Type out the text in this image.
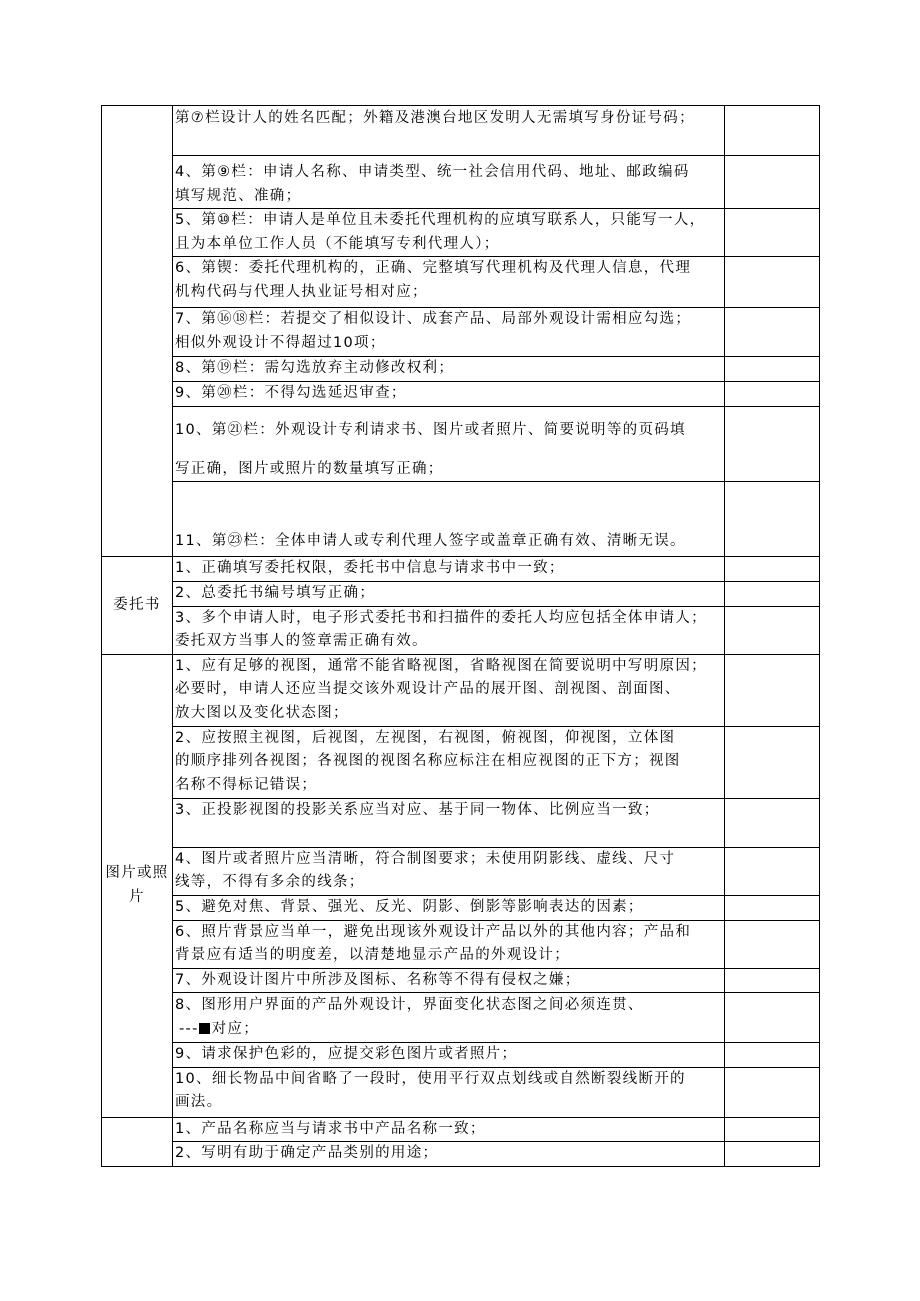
	第⑦栏设计人的姓名匹配；外籍及港澳台地区发明人无需填写身份证号码；	

	4、第⑨栏：申请人名称、申请类型、统一社会信用代码、地址、邮政编码
填写规范、准确；	

	5、第⑩栏：申请人是单位且未委托代理机构的应填写联系人，只能写一人，
且为本单位工作人员（不能填写专利代理人）；	

	6、第锲：委托代理机构的，正确、完整填写代理机构及代理人信息，代理
机构代码与代理人执业证号相对应；	

	7、第⑯⑱栏：若提交了相似设计、成套产品、局部外观设计需相应勾选；
相似外观设计不得超过10项；	

	8、第⑲栏：需勾选放弃主动修改权利；	

	9、第⑳栏：不得勾选延迟审查；	

	10、第㉑栏：外观设计专利请求书、图片或者照片、简要说明等的页码填
写正确，图片或照片的数量填写正确；	

	11、第㉓栏：全体申请人或专利代理人签字或盖章正确有效、清晰无误。	

委托书	1、正确填写委托权限，委托书中信息与请求书中一致；	

	2、总委托书编号填写正确；	

	3、多个申请人时，电子形式委托书和扫描件的委托人均应包括全体申请人；
委托双方当事人的签章需正确有效。	

图片或照片	1、应有足够的视图，通常不能省略视图，省略视图在简要说明中写明原因；
必要时，申请人还应当提交该外观设计产品的展开图、剖视图、剖面图、
放大图以及变化状态图；	

	2、应按照主视图，后视图，左视图，右视图，俯视图，仰视图，立体图
的顺序排列各视图；各视图的视图名称应标注在相应视图的正下方；视图
名称不得标记错误；	

	3、正投影视图的投影关系应当对应、基于同一物体、比例应当一致；	

	4、图片或者照片应当清晰，符合制图要求；未使用阴影线、虚线、尺寸
线等，不得有多余的线条；	

	5、避免对焦、背景、强光、反光、阴影、倒影等影响表达的因素；	

	6、照片背景应当单一，避免出现该外观设计产品以外的其他内容；产品和
背景应有适当的明度差，以清楚地显示产品的外观设计；	

	7、外观设计图片中所涉及图标、名称等不得有侵权之嫌；	

	8、图形用户界面的产品外观设计，界面变化状态图之间必须连贯、
--- 对应；	

	9、请求保护色彩的，应提交彩色图片或者照片；	

	10、细长物品中间省略了一段时，使用平行双点划线或自然断裂线断开的
画法。	

	1、产品名称应当与请求书中产品名称一致；	

	2、写明有助于确定产品类别的用途；	
